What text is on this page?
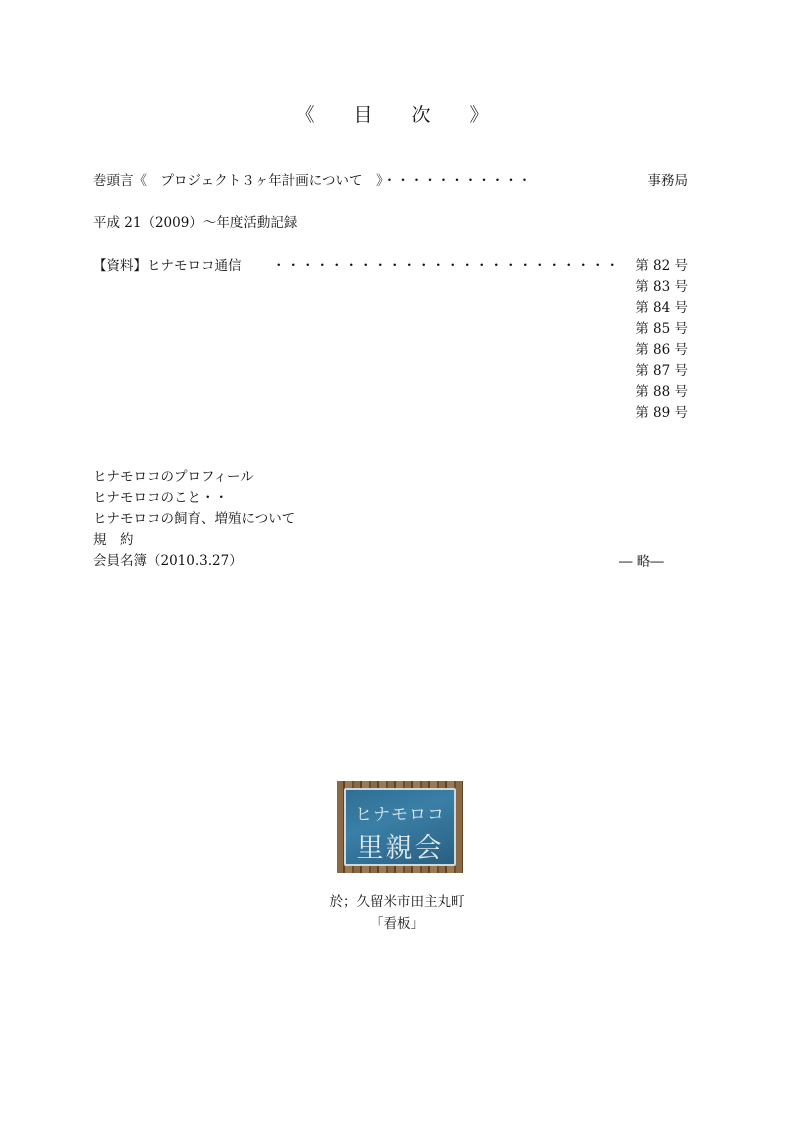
《　目　次　》
巻頭言《　プロジェクト３ヶ年計画について　》・・・・・・・・・・・	事務局
平成 21（2009）～年度活動記録
【資料】ヒナモロコ通信 ・・・・・・・・・・・・・・・・・・・・・・・・ 第 82 号
第 83 号
第 84 号
第 85 号
第 86 号
第 87 号
第 88 号
第 89 号
ヒナモロコのプロフィール
ヒナモロコのこと・・
ヒナモロコの飼育、増殖について
規　約
会員名簿（2010.3.27）	― 略―
ヒナモロコ
里親会
於；久留米市田主丸町
「看板」
